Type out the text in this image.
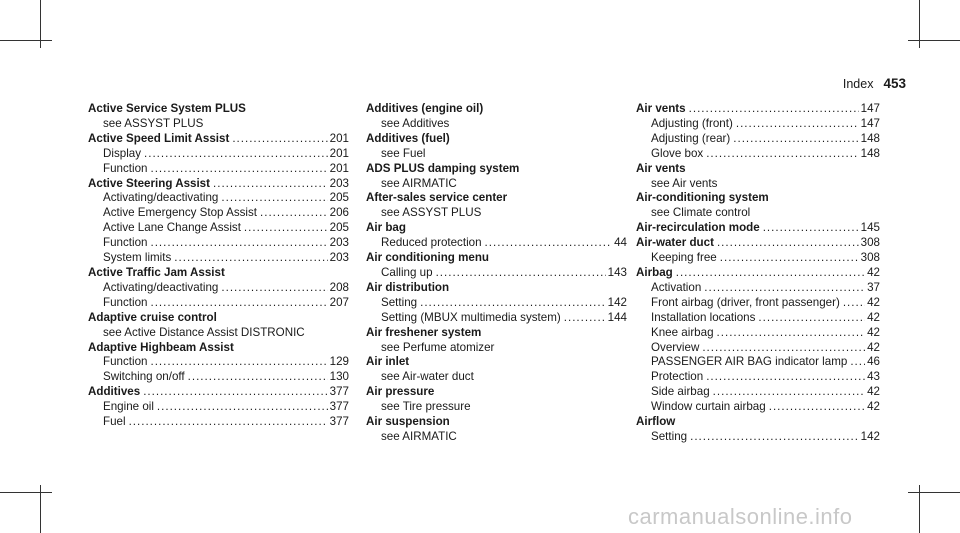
Index 453
Active Service System PLUS
see ASSYST PLUS
Active Speed Limit Assist .....	201
Display .....	201
Function .....	201
Active Steering Assist .....	203
Activating/deactivating .....	205
Active Emergency Stop Assist .....	206
Active Lane Change Assist .....	205
Function .....	203
System limits .....	203
Active Traffic Jam Assist
Activating/deactivating .....	208
Function .....	207
Adaptive cruise control
see Active Distance Assist DISTRONIC
Adaptive Highbeam Assist
Function .....	129
Switching on/off .....	130
Additives .....	377
Engine oil .....	377
Fuel .....	377
Additives (engine oil)
see Additives
Additives (fuel)
see Fuel
ADS PLUS damping system
see AIRMATIC
After-sales service center
see ASSYST PLUS
Air bag
Reduced protection .....	44
Air conditioning menu
Calling up .....	143
Air distribution
Setting .....	142
Setting (MBUX multimedia system) .....	144
Air freshener system
see Perfume atomizer
Air inlet
see Air-water duct
Air pressure
see Tire pressure
Air suspension
see AIRMATIC
Air vents .....	147
Adjusting (front) .....	147
Adjusting (rear) .....	148
Glove box .....	148
Air vents
see Air vents
Air-conditioning system
see Climate control
Air-recirculation mode .....	145
Air-water duct .....	308
Keeping free .....	308
Airbag .....	42
Activation .....	37
Front airbag (driver, front passenger) ..... 42
Installation locations .....	42
Knee airbag .....	42
Overview .....	42
PASSENGER AIR BAG indicator lamp ..... 46
Protection .....	43
Side airbag .....	42
Window curtain airbag .....	42
Airflow
Setting .....	142
carmanualsonline.info
